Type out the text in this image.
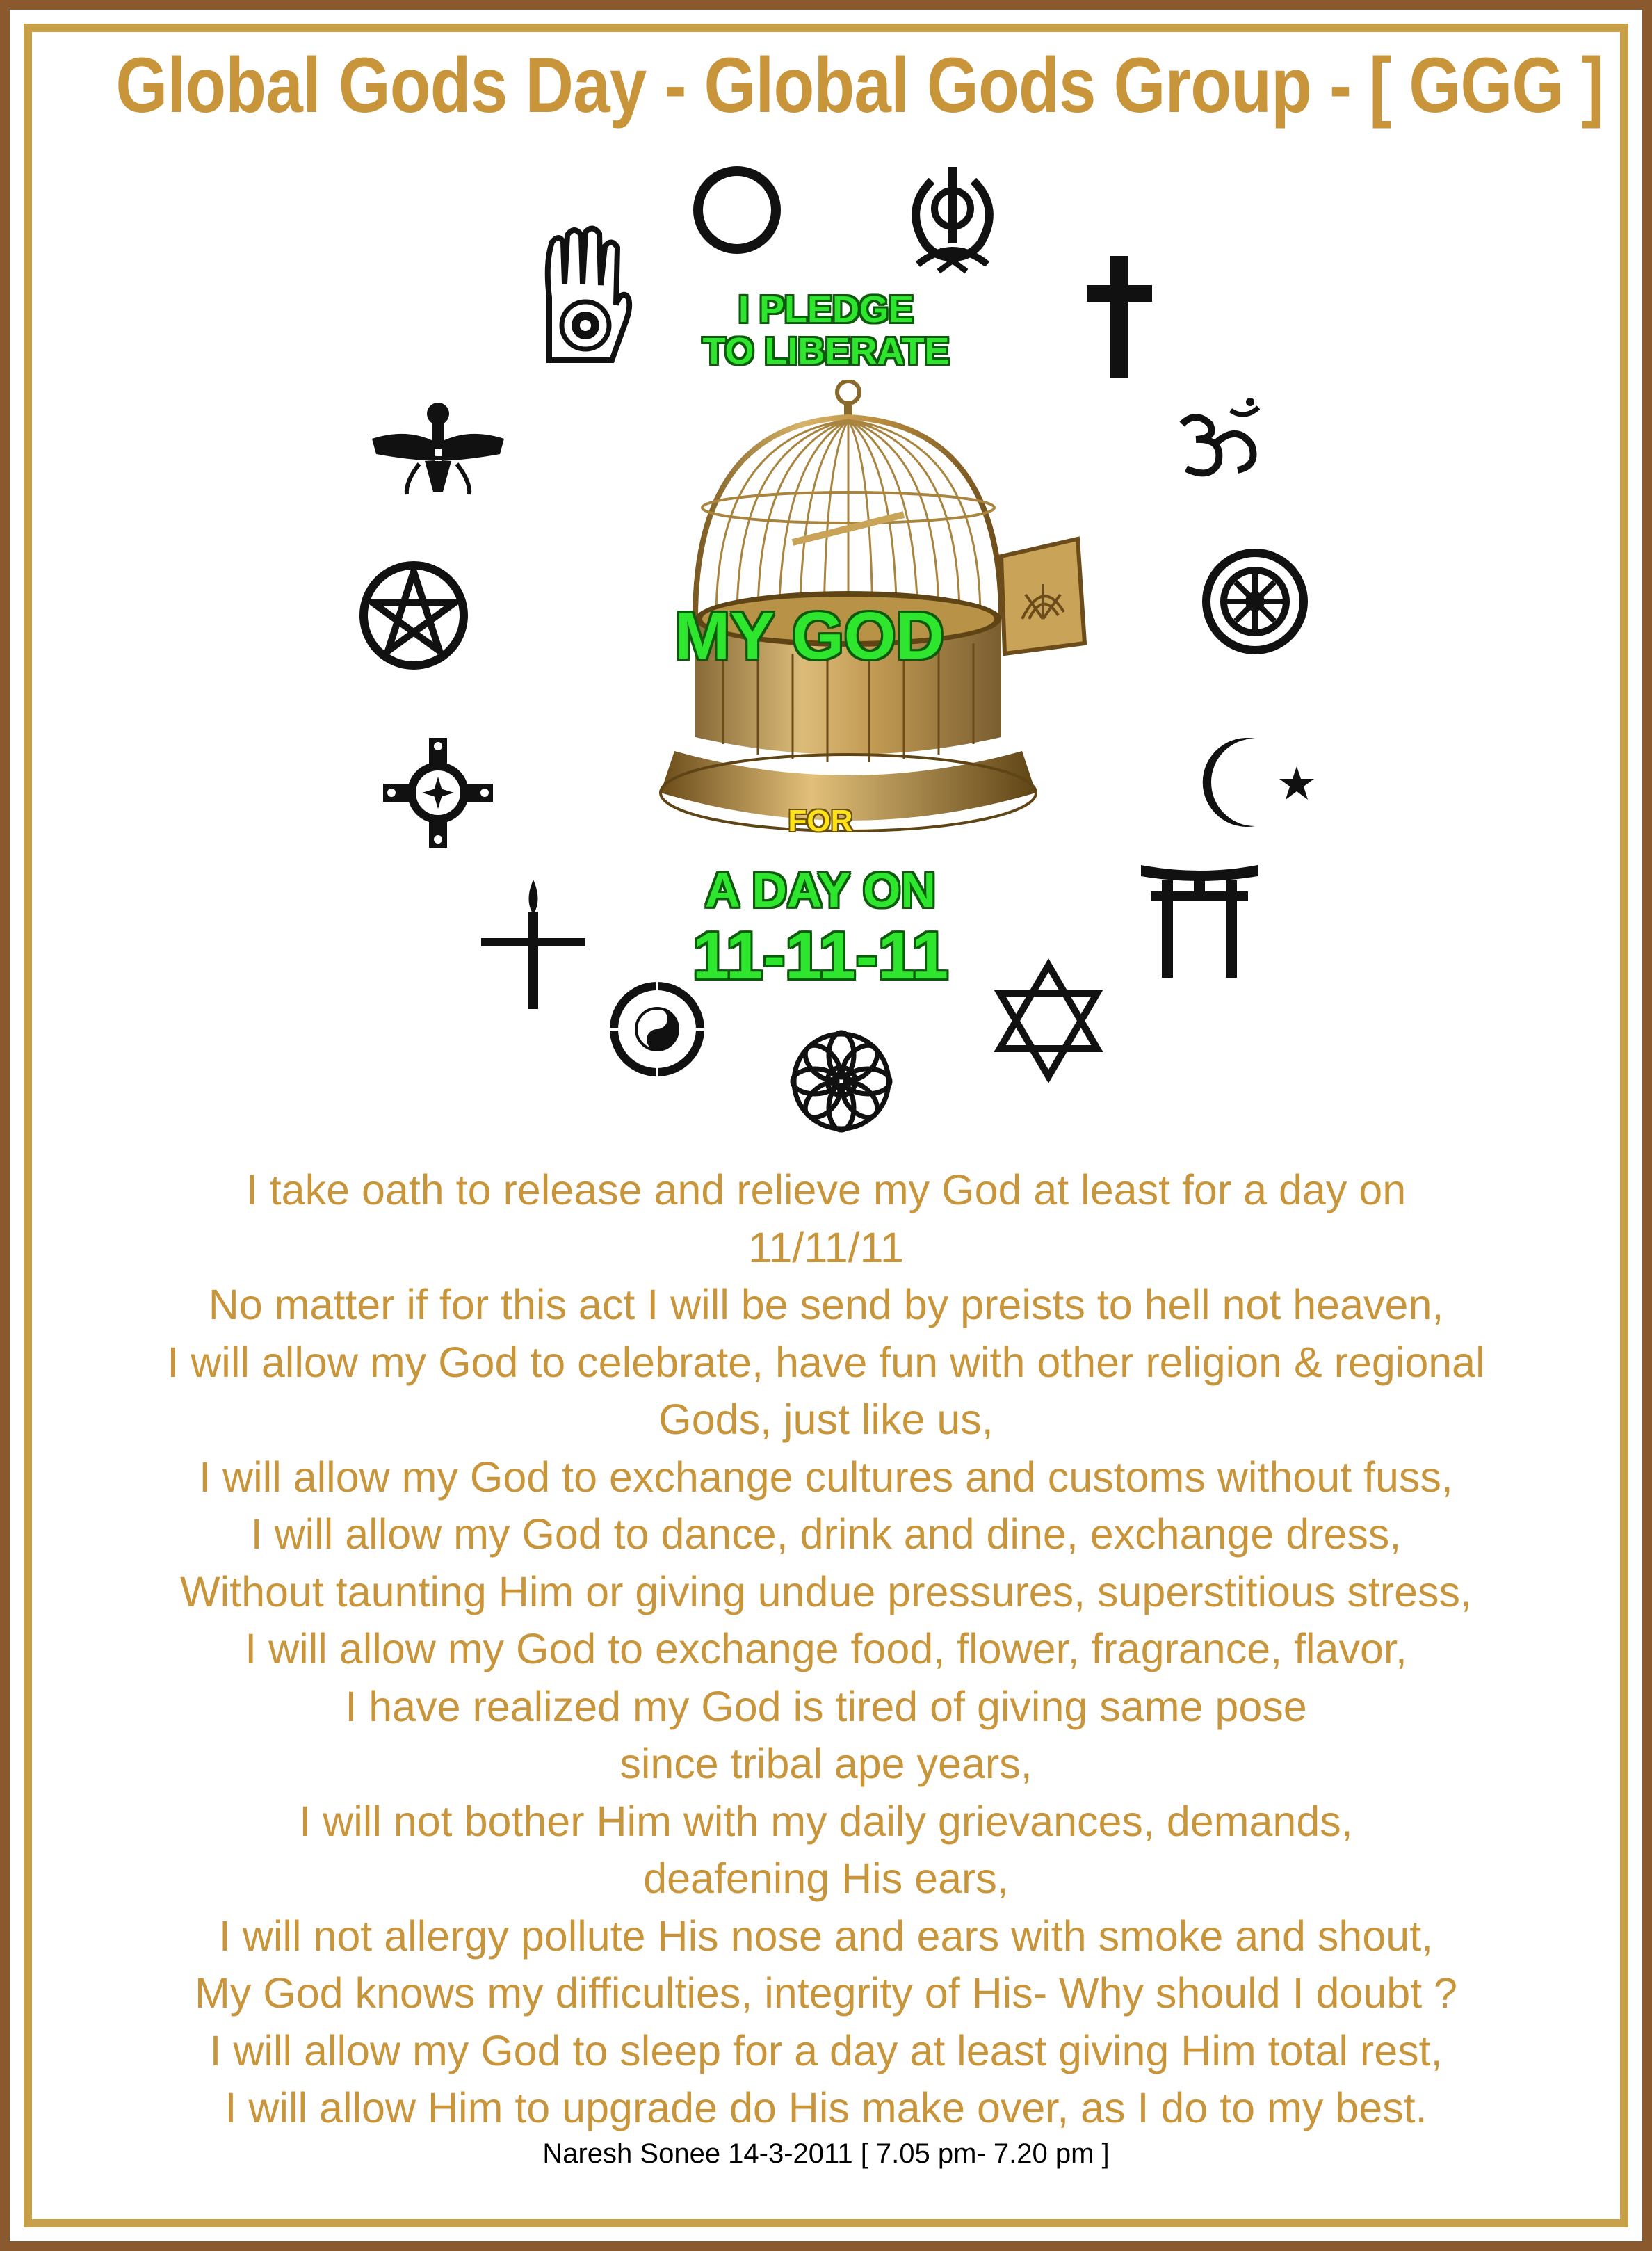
Global Gods Day - Global Gods Group - [ GGG ]
I PLEDGE
TO LIBERATE
MY GOD
FOR
A DAY ON
11-11-11
I take oath to release and relieve my God at least for a day on
11/11/11
No matter if for this act I will be send by preists to hell not heaven,
I will allow my God to celebrate, have fun with other religion & regional
Gods, just like us,
I will allow my God to exchange cultures and customs without fuss,
I will allow my God to dance, drink and dine, exchange dress,
Without taunting Him or giving undue pressures, superstitious stress,
I will allow my God to exchange food, flower, fragrance, flavor,
I have realized my God is tired of giving same pose
since tribal ape years,
I will not bother Him with my daily grievances, demands,
deafening His ears,
I will not allergy pollute His nose and ears with smoke and shout,
My God knows my difficulties, integrity of His- Why should I doubt ?
I will allow my God to sleep for a day at least giving Him total rest,
I will allow Him to upgrade do His make over, as I do to my best.
Naresh Sonee 14-3-2011 [ 7.05 pm- 7.20 pm ]
